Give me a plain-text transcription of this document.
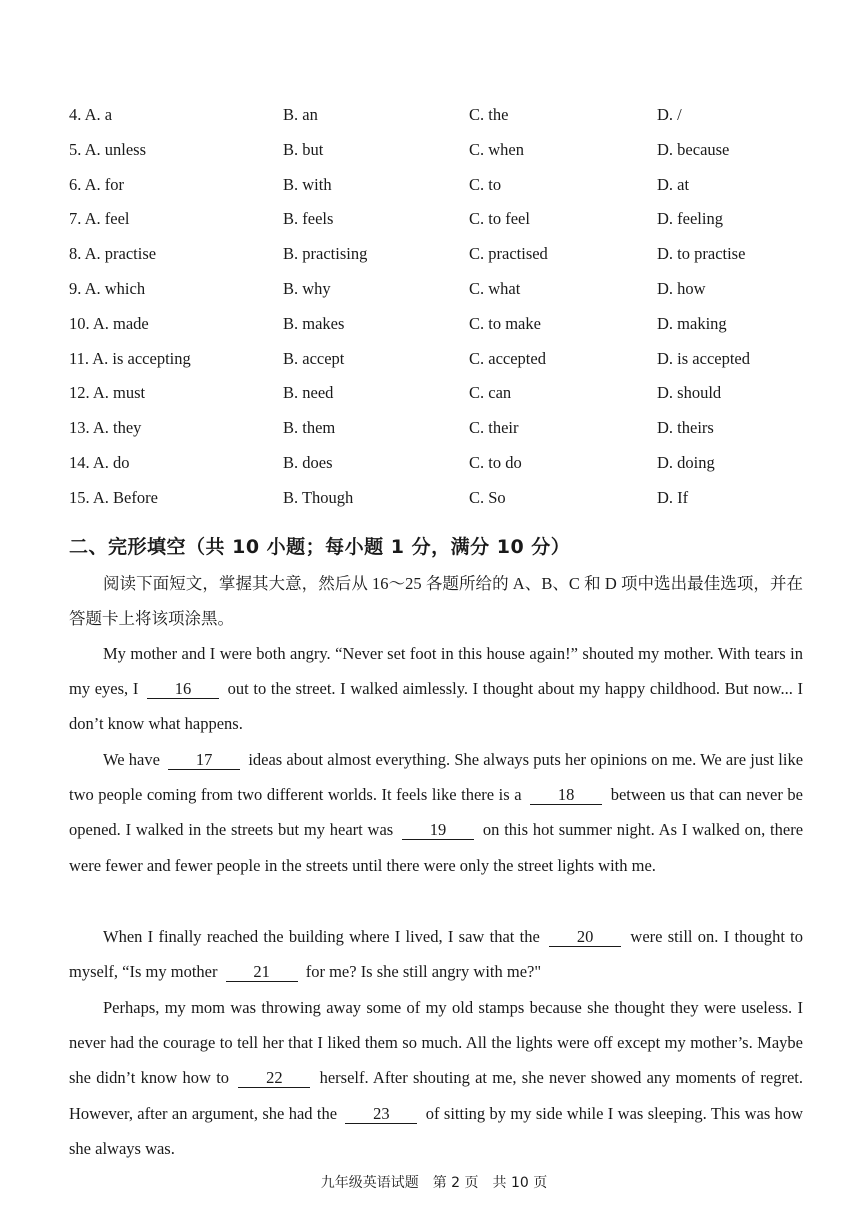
4. A. a	B. an	C. the	D. /
5. A. unless	B. but	C. when	D. because
6. A. for	B. with	C. to	D. at
7. A. feel	B. feels	C. to feel	D. feeling
8. A. practise	B. practising	C. practised	D. to practise
9. A. which	B. why	C. what	D. how
10. A. made	B. makes	C. to make	D. making
11. A. is accepting	B. accept	C. accepted	D. is accepted
12. A. must	B. need	C. can	D. should
13. A. they	B. them	C. their	D. theirs
14. A. do	B. does	C. to do	D. doing
15. A. Before	B. Though	C. So	D. If
二、完形填空（共 10 小题；每小题 1 分，满分 10 分）
阅读下面短文，掌握其大意，然后从 16～25 各题所给的 A、B、C 和 D 项中选出最佳选项，并在答题卡上将该项涂黑。
My mother and I were both angry. “Never set foot in this house again!” shouted my mother. With tears in my eyes, I 16 out to the street. I walked aimlessly. I thought about my happy childhood. But now... I don’t know what happens.
We have 17 ideas about almost everything. She always puts her opinions on me. We are just like two people coming from two different worlds. It feels like there is a 18 between us that can never be opened. I walked in the streets but my heart was 19 on this hot summer night. As I walked on, there were fewer and fewer people in the streets until there were only the street lights with me.
When I finally reached the building where I lived, I saw that the 20 were still on. I thought to myself, “Is my mother 21 for me? Is she still angry with me?"
Perhaps, my mom was throwing away some of my old stamps because she thought they were useless. I never had the courage to tell her that I liked them so much. All the lights were off except my mother’s. Maybe she didn’t know how to 22 herself. After shouting at me, she never showed any moments of regret. However, after an argument, she had the 23 of sitting by my side while I was sleeping. This was how she always was.
九年级英语试题　第 2 页　共 10 页
